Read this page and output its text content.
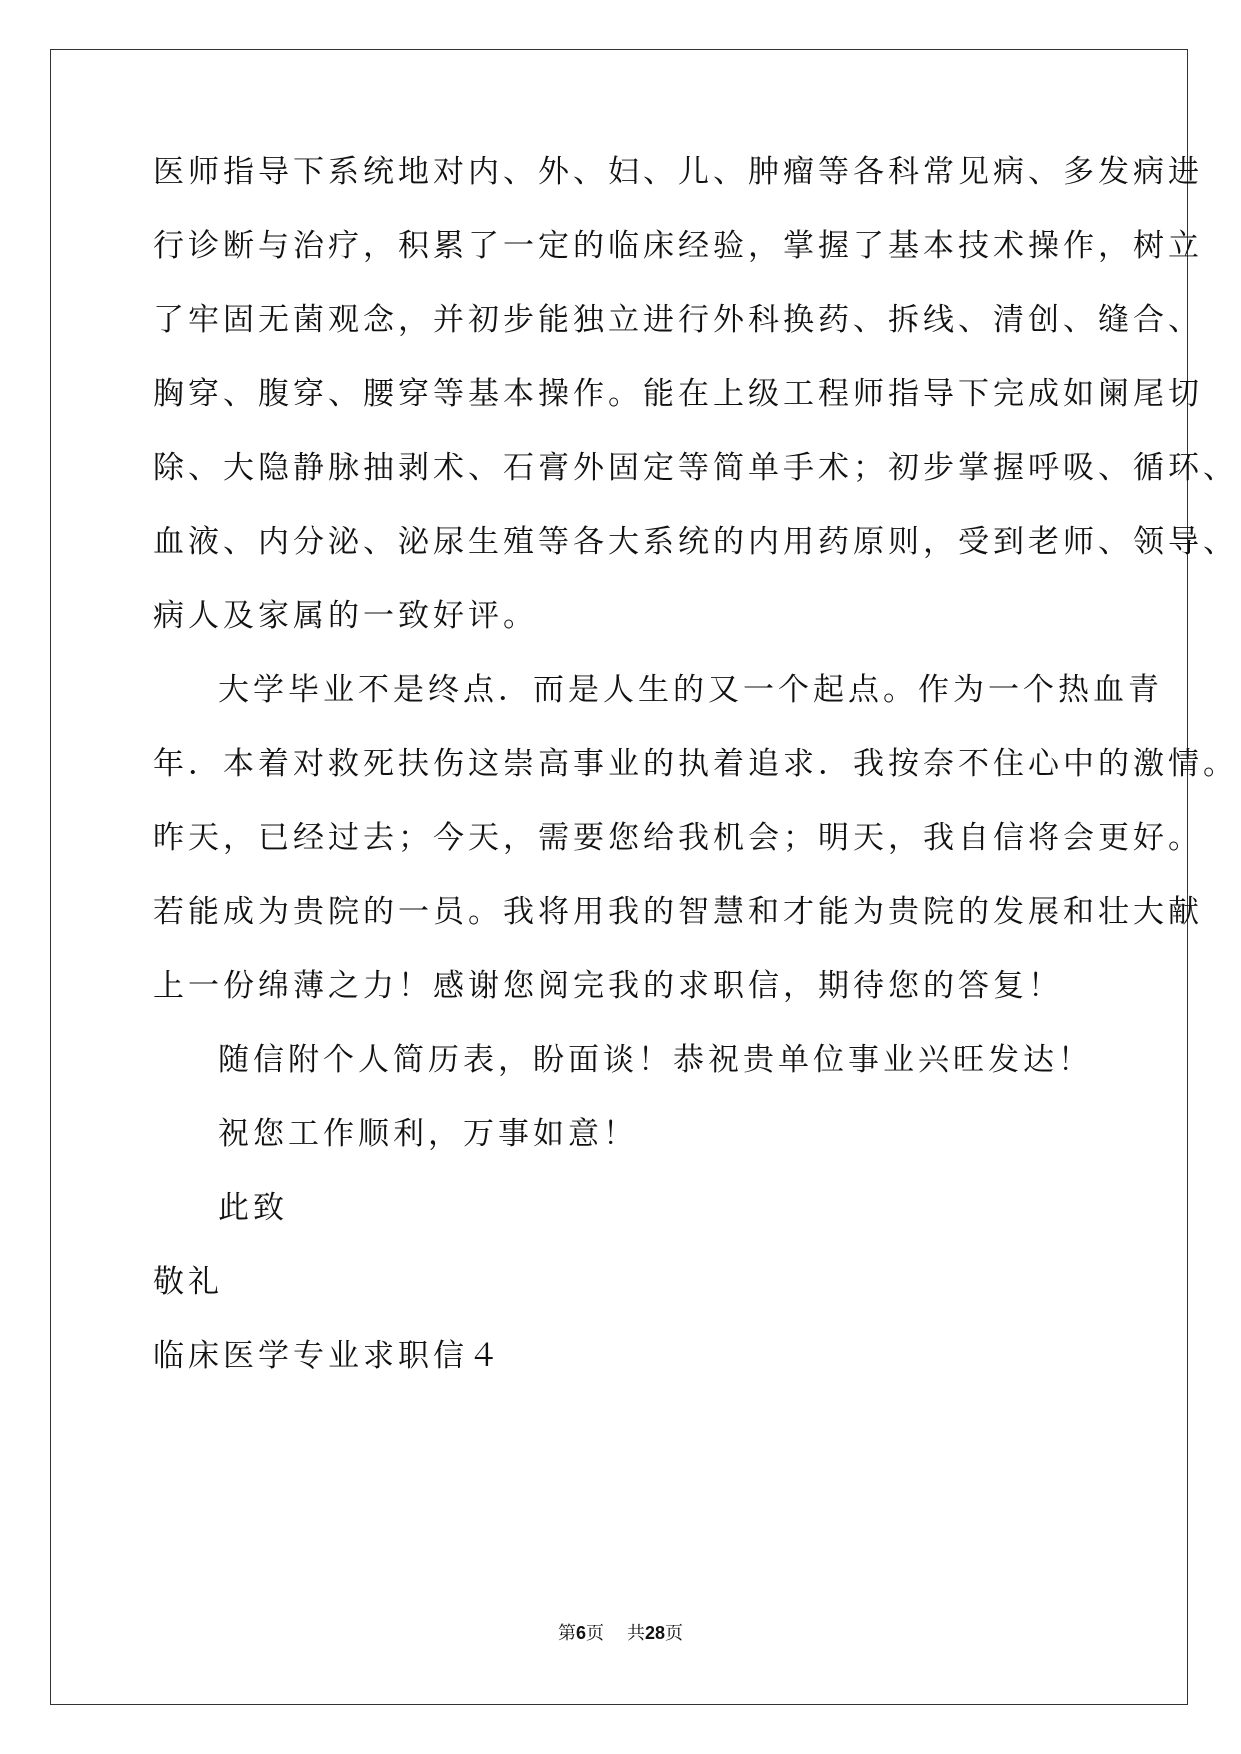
医师指导下系统地对内、外、妇、儿、肿瘤等各科常见病、多发病进
行诊断与治疗，积累了一定的临床经验，掌握了基本技术操作，树立
了牢固无菌观念，并初步能独立进行外科换药、拆线、清创、缝合、
胸穿、腹穿、腰穿等基本操作。能在上级工程师指导下完成如阑尾切
除、大隐静脉抽剥术、石膏外固定等简单手术；初步掌握呼吸、循环、
血液、内分泌、泌尿生殖等各大系统的内用药原则，受到老师、领导、
病人及家属的一致好评。
大学毕业不是终点．而是人生的又一个起点。作为一个热血青
年．本着对救死扶伤这崇高事业的执着追求．我按奈不住心中的激情。
昨天，已经过去；今天，需要您给我机会；明天，我自信将会更好。
若能成为贵院的一员。我将用我的智慧和才能为贵院的发展和壮大献
上一份绵薄之力！感谢您阅完我的求职信，期待您的答复！
随信附个人简历表，盼面谈！恭祝贵单位事业兴旺发达！
祝您工作顺利，万事如意！
此致
敬礼
临床医学专业求职信４
第6页 共28页
